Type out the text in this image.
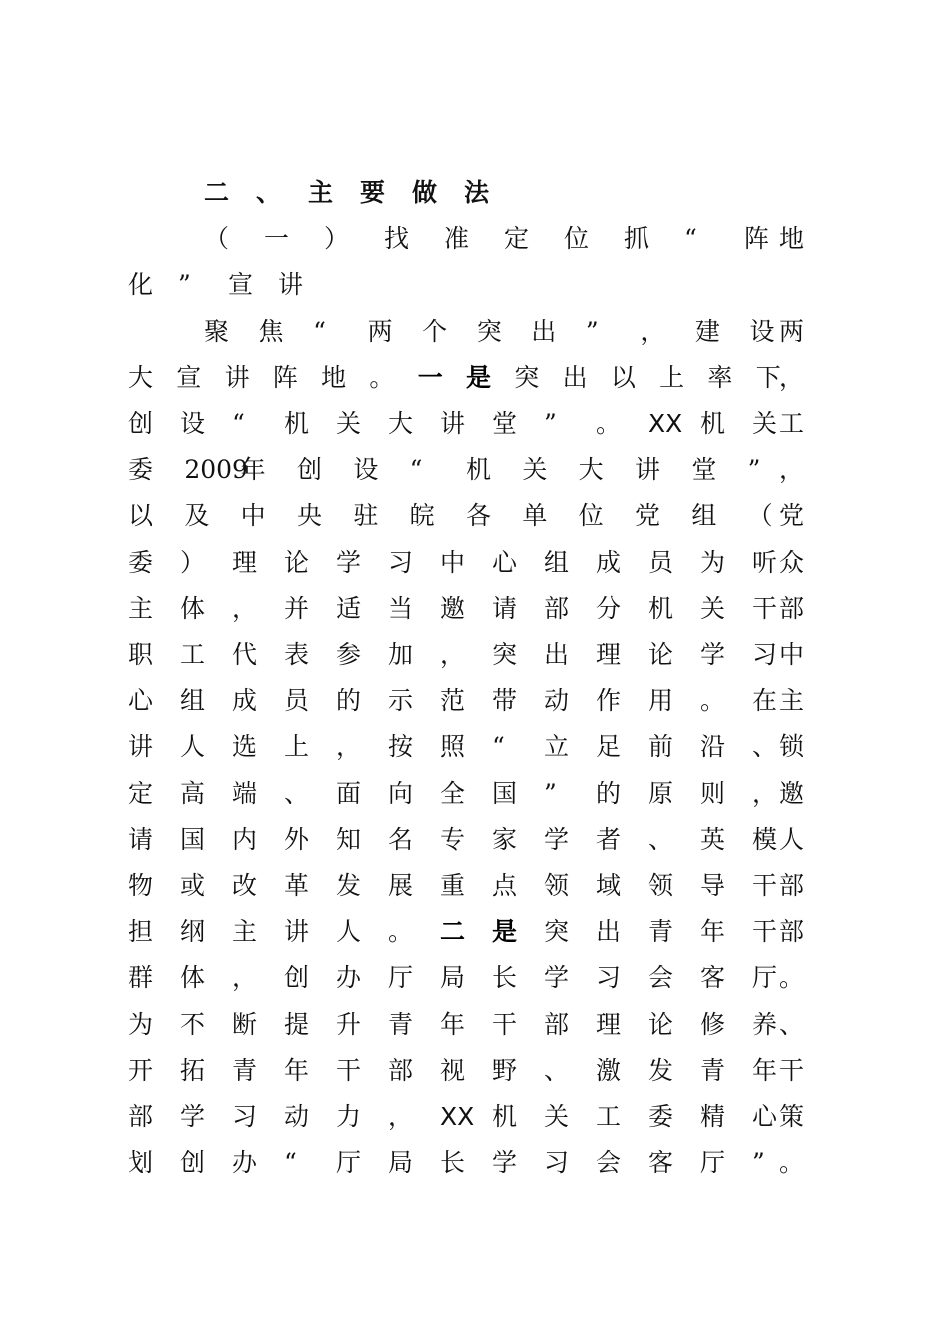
二 、 主 要 做 法
（ 一 ） 找 准 定 位 抓 “ 阵 地
化 ” 宣 讲
聚 焦 “ 两 个 突 出 ” ， 建 设 两
大 宣 讲 阵 地 。 一 是 突 出 以 上 率 下
，
创 设 “ 机 关 大 讲 堂 ” 。 XX 机 关 工
委 2009
年 创 设 “ 机 关 大 讲 堂 ” ，
以 及 中 央 驻 皖 各 单 位 党 组 （ 党
委 ） 理 论 学 习 中 心 组 成 员 为 听 众
主 体 ， 并 适 当 邀 请 部 分 机 关 干 部
职 工 代 表 参 加 ， 突 出 理 论 学 习 中
心 组 成 员 的 示 范 带 动 作 用 。 在 主
讲 人 选 上 ， 按 照 “ 立 足 前 沿 、 锁
定 高 端 、 面 向 全 国 ” 的 原 则 ， 邀
请 国 内 外 知 名 专 家 学 者 、 英 模 人
物 或 改 革 发 展 重 点 领 域 领 导 干 部
担 纲 主 讲 人 。 二 是 突 出 青 年 干 部
群 体 ， 创 办 厅 局 长 学 习 会 客 厅 。
为 不 断 提 升 青 年 干 部 理 论 修 养 、
开 拓 青 年 干 部 视 野 、 激 发 青 年 干
部 学 习 动 力 ， XX 机 关 工 委 精 心 策
划 创 办 “ 厅 局 长 学 习 会 客 厅 ” 。
